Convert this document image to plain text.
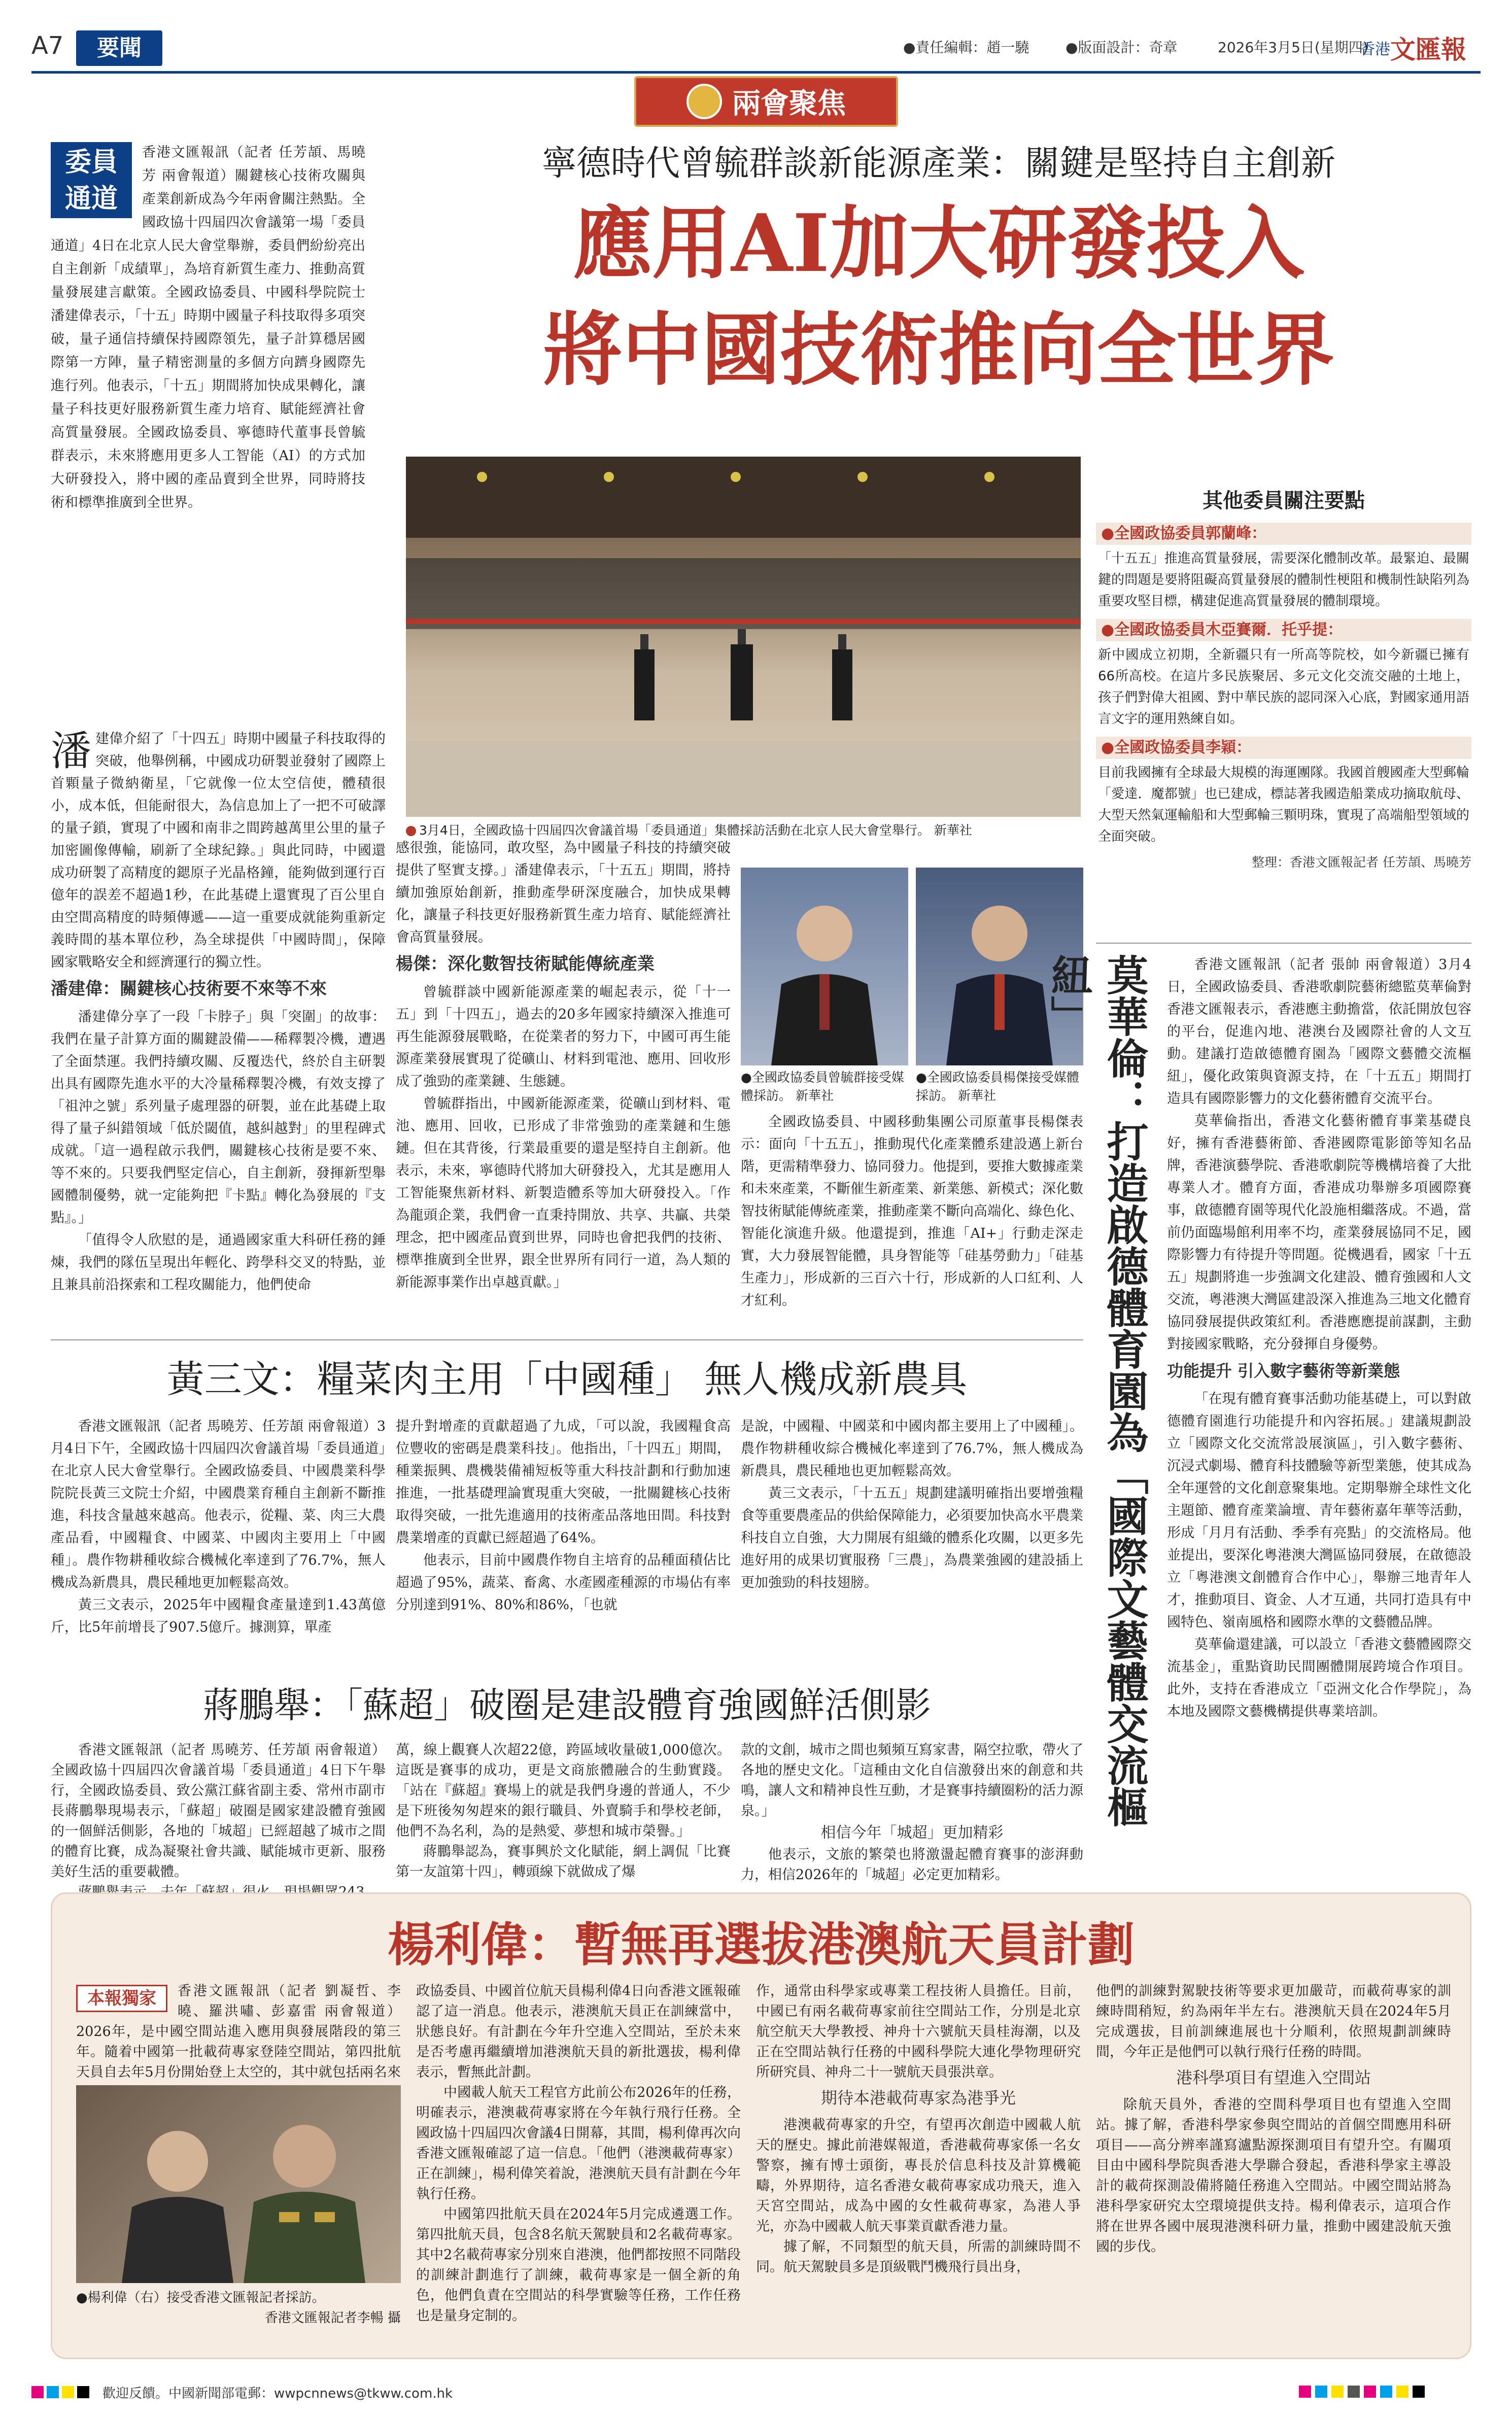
A7	要聞	●責任編輯：趙一驍	●版面設計：奇章	2026年3月5日(星期四)
香港文匯報
兩會聚焦
委員
通道
香港文匯報訊（記者 任芳頡、馬曉芳 兩會報道）關鍵核心技術攻關與產業創新成為今年兩會關注熱點。全國政協十四屆四次會議第一場「委員通道」4日在北京人民大會堂舉辦，委員們紛紛亮出自主創新「成績單」，為培育新質生產力、推動高質量發展建言獻策。全國政協委員、中國科學院院士潘建偉表示，「十五」時期中國量子科技取得多項突破，量子通信持續保持國際領先，量子計算穩居國際第一方陣，量子精密測量的多個方向躋身國際先進行列。他表示，「十五」期間將加快成果轉化，讓量子科技更好服務新質生產力培育、賦能經濟社會高質量發展。全國政協委員、寧德時代董事長曾毓群表示，未來將應用更多人工智能（AI）的方式加大研發投入，將中國的產品賣到全世界，同時將技術和標準推廣到全世界。
寧德時代曾毓群談新能源產業：關鍵是堅持自主創新
應用AI加大研發投入
將中國技術推向全世界
3月4日，全國政協十四屆四次會議首場「委員通道」集體採訪活動在北京人民大會堂舉行。 新華社
其他委員關注要點
●全國政協委員郭蘭峰：
「十五五」推進高質量發展，需要深化體制改革。最緊迫、最關鍵的問題是要將阻礙高質量發展的體制性梗阻和機制性缺陷列為重要攻堅目標，構建促進高質量發展的體制環境。
●全國政協委員木亞賽爾．托乎提：
新中國成立初期，全新疆只有一所高等院校，如今新疆已擁有66所高校。在這片多民族聚居、多元文化交流交融的土地上，孩子們對偉大祖國、對中華民族的認同深入心底，對國家通用語言文字的運用熟練自如。
●全國政協委員李穎：
目前我國擁有全球最大規模的海運團隊。我國首艘國產大型郵輪「愛達．魔都號」也已建成，標誌著我國造船業成功摘取航母、大型天然氣運輸船和大型郵輪三顆明珠，實現了高端船型領域的全面突破。
整理：香港文匯報記者 任芳頡、馬曉芳
潘 建偉介紹了「十四五」時期中國量子科技取得的突破，他舉例稱，中國成功研製並發射了國際上首顆量子微納衛星，「它就像一位太空信使，體積很小，成本低，但能耐很大，為信息加上了一把不可破譯的量子鎖，實現了中國和南非之間跨越萬里公里的量子加密圖像傳輸，刷新了全球紀錄。」與此同時，中國還成功研製了高精度的鍶原子光晶格鐘，能夠做到運行百億年的誤差不超過1秒，在此基礎上還實現了百公里自由空間高精度的時頻傳遞——這一重要成就能夠重新定義時間的基本單位秒，為全球提供「中國時間」，保障國家戰略安全和經濟運行的獨立性。
潘建偉：關鍵核心技術要不來等不來

潘建偉分享了一段「卡脖子」與「突圍」的故事：我們在量子計算方面的關鍵設備——稀釋製冷機，遭遇了全面禁運。我們持續攻關、反覆迭代，終於自主研製出具有國際先進水平的大冷量稀釋製冷機，有效支撐了「祖沖之號」系列量子處理器的研製，並在此基礎上取得了量子糾錯領域「低於閾值，越糾越對」的里程碑式成就。「這一過程啟示我們，關鍵核心技術是要不來、等不來的。只要我們堅定信心，自主創新，發揮新型舉國體制優勢，就一定能夠把『卡點』轉化為發展的『支點』。」

「值得令人欣慰的是，通過國家重大科研任務的錘煉，我們的隊伍呈現出年輕化、跨學科交叉的特點，並且兼具前沿探索和工程攻關能力，他們使命

感很強，能協同，敢攻堅，為中國量子科技的持續突破提供了堅實支撐。」潘建偉表示，「十五五」期間，將持續加強原始創新，推動產學研深度融合，加快成果轉化，讓量子科技更好服務新質生產力培育、賦能經濟社會高質量發展。

楊傑：深化數智技術賦能傳統產業

曾毓群談中國新能源產業的崛起表示，從「十一五」到「十四五」，過去的20多年國家持續深入推進可再生能源發展戰略，在從業者的努力下，中國可再生能源產業發展實現了從礦山、材料到電池、應用、回收形成了強勁的產業鏈、生態鏈。

曾毓群指出，中國新能源產業，從礦山到材料、電池、應用、回收，已形成了非常強勁的產業鏈和生態鏈。但在其背後，行業最重要的還是堅持自主創新。他表示，未來，寧德時代將加大研發投入，尤其是應用人工智能聚焦新材料、新製造體系等加大研發投入。「作為龍頭企業，我們會一直秉持開放、共享、共贏、共榮理念，把中國產品賣到世界，同時也會把我們的技術、標準推廣到全世界，跟全世界所有同行一道，為人類的新能源事業作出卓越貢獻。」

●全國政協委員曾毓群接受媒體採訪。 新華社
●全國政協委員楊傑接受媒體採訪。 新華社

全國政協委員、中國移動集團公司原董事長楊傑表示：面向「十五五」，推動現代化產業體系建設邁上新台階，更需精準發力、協同發力。他提到，要推大數據產業和未來產業，不斷催生新產業、新業態、新模式；深化數智技術賦能傳統產業，推動產業不斷向高端化、綠色化、智能化演進升級。他還提到，推進「AI+」行動走深走實，大力發展智能體，具身智能等「硅基勞動力」「硅基生產力」，形成新的三百六十行，形成新的人口紅利、人才紅利。	莫華倫：打造啟德體育園為「國際文藝體交流樞紐」	香港文匯報訊（記者 張帥 兩會報道）3月4日，全國政協委員、香港歌劇院藝術總監莫華倫對香港文匯報表示，香港應主動擔當，依託開放包容的平台，促進內地、港澳台及國際社會的人文互動。建議打造啟德體育園為「國際文藝體交流樞紐」，優化政策與資源支持，在「十五五」期間打造具有國際影響力的文化藝術體育交流平台。

莫華倫指出，香港文化藝術體育事業基礎良好，擁有香港藝術節、香港國際電影節等知名品牌，香港演藝學院、香港歌劇院等機構培養了大批專業人才。體育方面，香港成功舉辦多項國際賽事，啟德體育園等現代化設施相繼落成。不過，當前仍面臨場館利用率不均，產業發展協同不足，國際影響力有待提升等問題。從機遇看，國家「十五五」規劃將進一步強調文化建設、體育強國和人文交流，粵港澳大灣區建設深入推進為三地文化體育協同發展提供政策紅利。香港應應提前謀劃，主動對接國家戰略，充分發揮自身優勢。

功能提升 引入數字藝術等新業態

「在現有體育賽事活動功能基礎上，可以對啟德體育園進行功能提升和內容拓展。」建議規劃設立「國際文化交流常設展演區」，引入數字藝術、沉浸式劇場、體育科技體驗等新型業態，使其成為全年運營的文化創意聚集地。定期舉辦全球性文化主題節、體育產業論壇、青年藝術嘉年華等活動，形成「月月有活動、季季有亮點」的交流格局。他並提出，要深化粵港澳大灣區協同發展，在啟德設立「粵港澳文創體育合作中心」，舉辦三地青年人才，推動項目、資金、人才互通，共同打造具有中國特色、嶺南風格和國際水準的文藝體品牌。

莫華倫還建議，可以設立「香港文藝體國際交流基金」，重點資助民間團體開展跨境合作項目。此外，支持在香港成立「亞洲文化合作學院」，為本地及國際文藝機構提供專業培訓。

黃三文：糧菜肉主用「中國種」 無人機成新農具

香港文匯報訊（記者 馬曉芳、任芳頡 兩會報道）3月4日下午，全國政協十四屆四次會議首場「委員通道」在北京人民大會堂舉行。全國政協委員、中國農業科學院院長黃三文院士介紹，中國農業育種自主創新不斷推進，科技含量越來越高。他表示，從糧、菜、肉三大農產品看，中國糧食、中國菜、中國肉主要用上「中國種」。農作物耕種收綜合機械化率達到了76.7%，無人機成為新農具，農民種地更加輕鬆高效。

黃三文表示，2025年中國糧食產量達到1.43萬億斤，比5年前增長了907.5億斤。據測算，單產

提升對增產的貢獻超過了九成，「可以說，我國糧食高位豐收的密碼是農業科技」。他指出，「十四五」期間，種業振興、農機裝備補短板等重大科技計劃和行動加速推進，一批基礎理論實現重大突破，一批關鍵核心技術取得突破，一批先進適用的技術產品落地田間。科技對農業增產的貢獻已經超過了64%。

他表示，目前中國農作物自主培育的品種面積佔比超過了95%，蔬菜、畜禽、水產國產種源的市場佔有率分別達到91%、80%和86%，「也就

是說，中國糧、中國菜和中國肉都主要用上了中國種」。農作物耕種收綜合機械化率達到了76.7%，無人機成為新農具，農民種地也更加輕鬆高效。

黃三文表示，「十五五」規劃建議明確指出要增強糧食等重要農產品的供給保障能力，必須要加快高水平農業科技自立自強，大力開展有組織的體系化攻關，以更多先進好用的成果切實服務「三農」，為農業強國的建設插上更加強勁的科技翅膀。

蔣鵬舉：「蘇超」破圈是建設體育強國鮮活側影

香港文匯報訊（記者 馬曉芳、任芳頡 兩會報道）全國政協十四屆四次會議首場「委員通道」4日下午舉行，全國政協委員、致公黨江蘇省副主委、常州市副市長蔣鵬舉現場表示，「蘇超」破圈是國家建設體育強國的一個鮮活側影，各地的「城超」已經超越了城市之間的體育比賽，成為凝聚社會共識、賦能城市更新、服務美好生活的重要載體。

萬，線上觀賽人次超22億，跨區域收量破1,000億次。這既是賽事的成功，更是文商旅體融合的生動實踐。「站在『蘇超』賽場上的就是我們身邊的普通人，不少是下班後匆匆趕來的銀行職員、外賣騎手和學校老師，他們不為名利，為的是熱愛、夢想和城市榮譽。」

蔣鵬舉認為，賽事興於文化賦能，網上調侃「比賽第一友誼第十四」，轉頭線下就做成了爆

款的文創，城市之間也頻頻互寫家書，隔空拉歌，帶火了各地的歷史文化。「這種由文化自信激發出來的創意和共鳴，讓人文和精神良性互動，才是賽事持續圈粉的活力源泉。」

相信今年「城超」更加精彩

他表示，文旅的繁榮也將激盪起體育賽事的澎湃動力，相信2026年的「城超」必定更加精彩。

楊利偉：暫無再選拔港澳航天員計劃
本報獨家	香港文匯報訊（記者 劉凝哲、李曉、羅洪嘯、彭嘉雷 兩會報道）2026年，是中國空間站進入應用與發展階段的第三年。隨着中國第一批載荷專家登陸空間站，第四批航天員自去年5月份開始登上太空的，其中就包括兩名來
●楊利偉（右）接受香港文匯報記者採訪。
香港文匯報記者李暢 攝

政協委員、中國首位航天員楊利偉4日向香港文匯報確認了這一消息。他表示，港澳航天員正在訓練當中，狀態良好。有計劃在今年升空進入空間站，至於未來是否考慮再繼續增加港澳航天員的新批選拔，楊利偉表示，暫無此計劃。

中國載人航天工程官方此前公布2026年的任務，明確表示，港澳載荷專家將在今年執行飛行任務。全國政協十四屆四次會議4日開幕，其間，楊利偉再次向香港文匯報確認了這一信息。「他們（港澳載荷專家）正在訓練」，楊利偉笑着說，港澳航天員有計劃在今年執行任務。

中國第四批航天員在2024年5月完成遴選工作。第四批航天員，包含8名航天駕駛員和2名載荷專家。其中2名載荷專家分別來自港澳，他們都按照不同階段的訓練計劃進行了訓練，載荷專家是一個全新的角色，他們負責在空間站的科學實驗等任務，工作任務也是量身定制的。

作，通常由科學家或專業工程技術人員擔任。目前，中國已有兩名載荷專家前往空間站工作，分別是北京航空航天大學教授、神舟十六號航天員桂海潮，以及正在空間站執行任務的中國科學院大連化學物理研究所研究員、神舟二十一號航天員張洪章。

期待本港載荷專家為港爭光

港澳載荷專家的升空，有望再次創造中國載人航天的歷史。據此前港媒報道，香港載荷專家係一名女警察，擁有博士頭銜，專長於信息科技及計算機範疇，外界期待，這名香港女載荷專家成功飛天，進入天宮空間站，成為中國的女性載荷專家，為港人爭光，亦為中國載人航天事業貢獻香港力量。

據了解，不同類型的航天員，所需的訓練時間不同。航天駕駛員多是頂級戰鬥機飛行員出身，

他們的訓練對駕駛技術等要求更加嚴苛，而載荷專家的訓練時間稍短，約為兩年半左右。港澳航天員在2024年5月完成選拔，目前訓練進展也十分順利，依照規劃訓練時間，今年正是他們可以執行飛行任務的時間。

港科學項目有望進入空間站

除航天員外，香港的空間科學項目也有望進入空間站。據了解，香港科學家參與空間站的首個空間應用科研項目——高分辨率謹寫瀘點源探測項目有望升空。有關項目由中國科學院與香港大學聯合發起，香港科學家主導設計的載荷探測設備將隨任務進入空間站。中國空間站將為港科學家研究太空環境提供支持。楊利偉表示，這項合作將在世界各國中展現港澳科研力量，推動中國建設航天強國的步伐。

歡迎反饋。中國新聞部電郵：wwpcnnews@tkww.com.hk
